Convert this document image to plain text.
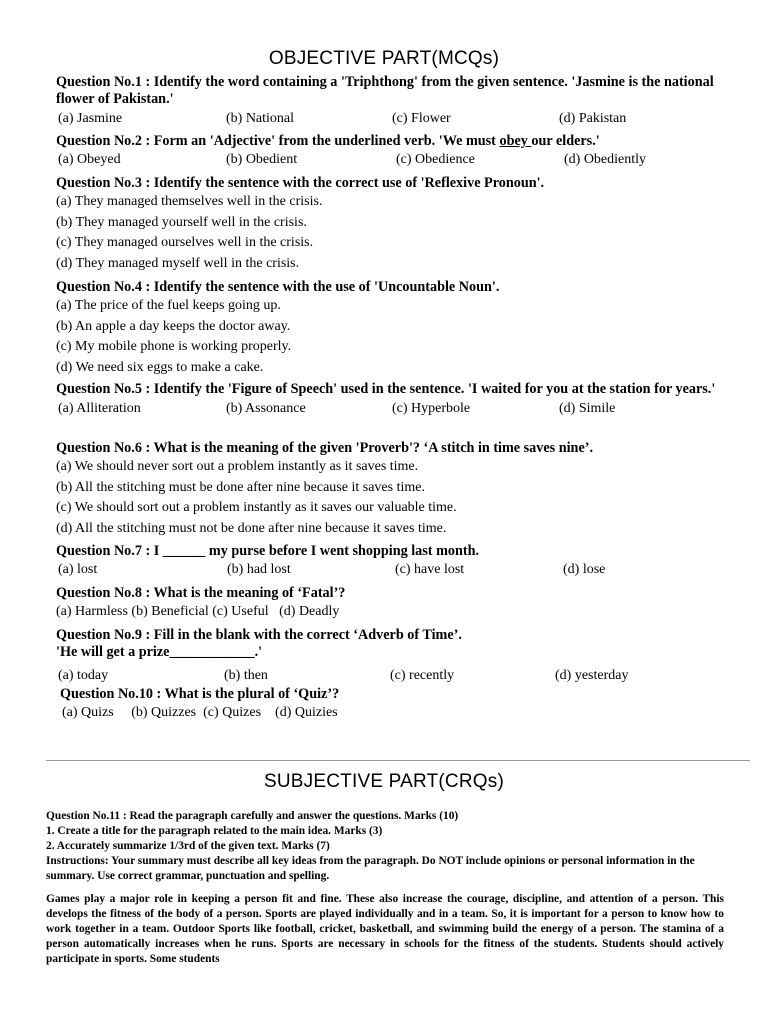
OBJECTIVE PART(MCQs)

Question No.1 : Identify the word containing a 'Triphthong' from the given sentence. 'Jasmine is the national flower of Pakistan.'

(a) Jasmine	(b) National	(c) Flower	(d) Pakistan

Question No.2 : Form an 'Adjective' from the underlined verb. 'We must obey our elders.'

(a) Obeyed	(b) Obedient	(c) Obedience	(d) Obediently

Question No.3 : Identify the sentence with the correct use of 'Reflexive Pronoun'.

(a) They managed themselves well in the crisis.
(b) They managed yourself well in the crisis.
(c) They managed ourselves well in the crisis.
(d) They managed myself well in the crisis.

Question No.4 : Identify the sentence with the use of 'Uncountable Noun'.

(a) The price of the fuel keeps going up.
(b) An apple a day keeps the doctor away.
(c) My mobile phone is working properly.
(d) We need six eggs to make a cake.

Question No.5 : Identify the 'Figure of Speech' used in the sentence. 'I waited for you at the station for years.'

(a) Alliteration	(b) Assonance	(c) Hyperbole	(d) Simile

Question No.6 : What is the meaning of the given 'Proverb'? ‘A stitch in time saves nine’.

(a) We should never sort out a problem instantly as it saves time.
(b) All the stitching must be done after nine because it saves time.
(c) We should sort out a problem instantly as it saves our valuable time.
(d) All the stitching must not be done after nine because it saves time.

Question No.7 : I ______ my purse before I went shopping last month.

(a) lost	(b) had lost	(c) have lost	(d) lose

Question No.8 : What is the meaning of ‘Fatal’?

(a) Harmless (b) Beneficial (c) Useful   (d) Deadly

Question No.9 : Fill in the blank with the correct ‘Adverb of Time’.

'He will get a prize____________.'

(a) today	(b) then	(c) recently	(d) yesterday

Question No.10 : What is the plural of ‘Quiz’?

(a) Quizs     (b) Quizzes  (c) Quizes    (d) Quizies
SUBJECTIVE PART(CRQs)

Question No.11 : Read the paragraph carefully and answer the questions. Marks (10)

1. Create a title for the paragraph related to the main idea. Marks (3)

2. Accurately summarize 1/3rd of the given text. Marks (7)

Instructions: Your summary must describe all key ideas from the paragraph. Do NOT include opinions or personal information in the summary. Use correct grammar, punctuation and spelling.

Games play a major role in keeping a person fit and fine. These also increase the courage, discipline, and attention of a person. This develops the fitness of the body of a person. Sports are played individually and in a team. So, it is important for a person to know how to work together in a team. Outdoor Sports like football, cricket, basketball, and swimming build the energy of a person. The stamina of a person automatically increases when he runs. Sports are necessary in schools for the fitness of the students. Students should actively participate in sports. Some students
